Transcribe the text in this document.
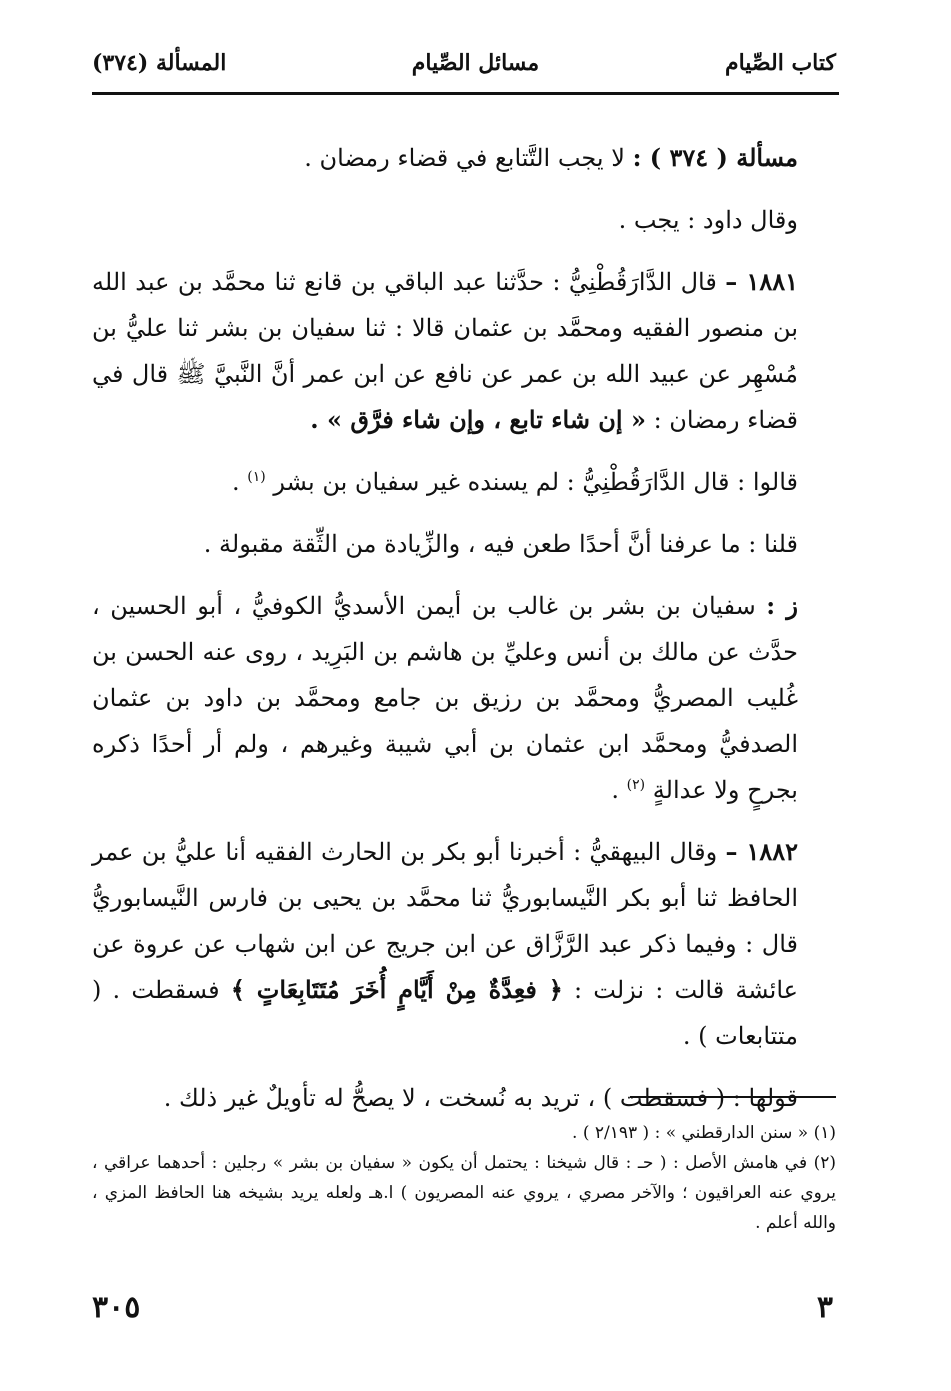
كتاب الصِّيام
مسائل الصِّيام
المسألة (٣٧٤)

مسألة ( ٣٧٤ ) : لا يجب التَّتابع في قضاء رمضان .

وقال داود : يجب .

١٨٨١ – قال الدَّارَقُطْنِيُّ : حدَّثنا عبد الباقي بن قانع ثنا محمَّد بن عبد الله بن منصور الفقيه ومحمَّد بن عثمان قالا : ثنا سفيان بن بشر ثنا عليُّ بن مُسْهِر عن عبيد الله بن عمر عن نافع عن ابن عمر أنَّ النَّبيَّ ﷺ قال في قضاء رمضان : « إن شاء تابع ، وإن شاء فرَّق » .

قالوا : قال الدَّارَقُطْنِيُّ : لم يسنده غير سفيان بن بشر $^{(١)}$ .

قلنا : ما عرفنا أنَّ أحدًا طعن فيه ، والزِّيادة من الثِّقة مقبولة .

ز : سفيان بن بشر بن غالب بن أيمن الأسديُّ الكوفيُّ ، أبو الحسين ، حدَّث عن مالك بن أنس وعليِّ بن هاشم بن البَرِيد ، روى عنه الحسن بن غُليب المصريُّ ومحمَّد بن رزيق بن جامع ومحمَّد بن داود بن عثمان الصدفيُّ ومحمَّد ابن عثمان بن أبي شيبة وغيرهم ، ولم أر أحدًا ذكره بجرحٍ ولا عدالةٍ $^{(٢)}$ .

١٨٨٢ – وقال البيهقيُّ : أخبرنا أبو بكر بن الحارث الفقيه أنا عليُّ بن عمر الحافظ ثنا أبو بكر النَّيسابوريُّ ثنا محمَّد بن يحيى بن فارس النَّيسابوريُّ قال : وفيما ذكر عبد الرَّزَّاق عن ابن جريج عن ابن شهاب عن عروة عن عائشة قالت : نزلت : ﴿ فعِدَّةٌ مِنْ أَيَّامٍ أُخَرَ مُتَتَابِعَاتٍ ﴾ فسقطت . ( متتابعات ) .

قولها : ( فسقطت ) ، تريد به نُسخت ، لا يصحُّ له تأويلٌ غير ذلك .

(١) « سنن الدارقطني » : ( ٢/١٩٣ ) .

(٢) في هامش الأصل : ( حـ : قال شيخنا : يحتمل أن يكون « سفيان بن بشر » رجلين : أحدهما عراقي ، يروي عنه العراقيون ؛ والآخر مصري ، يروي عنه المصريون ) ا.هـ ولعله يريد بشيخه هنا الحافظ المزي ، والله أعلم .

٣
٣٠٥
